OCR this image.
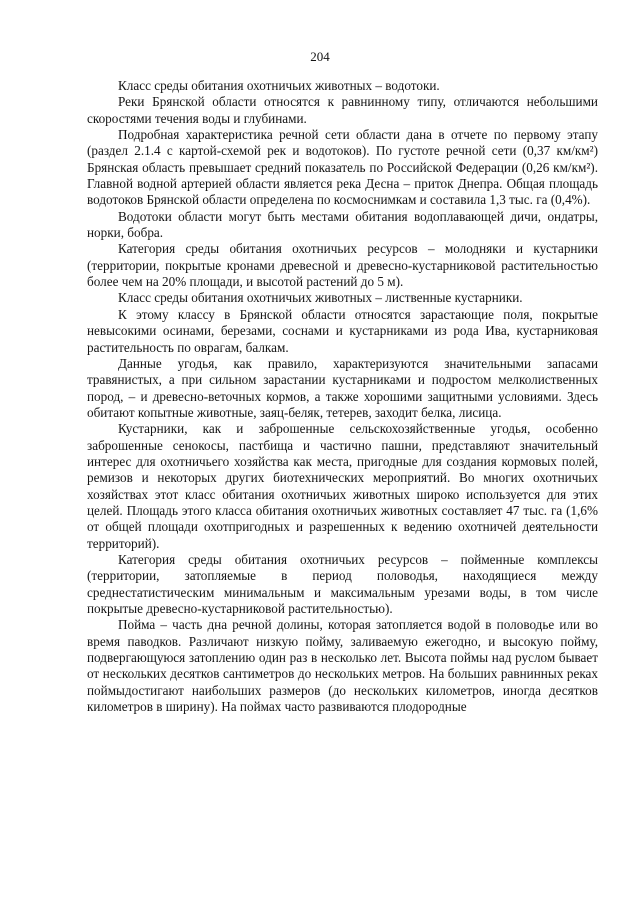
204

Класс среды обитания охотничьих животных – водотоки.

Реки Брянской области относятся к равнинному типу, отличаются небольшими скоростями течения воды и глубинами.

Подробная характеристика речной сети области дана в отчете по первому этапу (раздел 2.1.4 с картой-схемой рек и водотоков). По густоте речной сети (0,37 км/км²) Брянская область превышает средний показатель по Российской Федерации (0,26 км/км²). Главной водной артерией области является река Десна – приток Днепра. Общая площадь водотоков Брянской области определена по космоснимкам и составила 1,3 тыс. га (0,4%).

Водотоки области могут быть местами обитания водоплавающей дичи, ондатры, норки, бобра.

Категория среды обитания охотничьих ресурсов – молодняки и кустарники (территории, покрытые кронами древесной и древесно-кустарниковой растительностью более чем на 20% площади, и высотой растений до 5 м).

Класс среды обитания охотничьих животных – лиственные кустарники.

К этому классу в Брянской области относятся зарастающие поля, покрытые невысокими осинами, березами, соснами и кустарниками из рода Ива, кустарниковая растительность по оврагам, балкам.

Данные угодья, как правило, характеризуются значительными запасами травянистых, а при сильном зарастании кустарниками и подростом мелколиственных пород, – и древесно-веточных кормов, а также хорошими защитными условиями. Здесь обитают копытные животные, заяц-беляк, тетерев, заходит белка, лисица.

Кустарники, как и заброшенные сельскохозяйственные угодья, особенно заброшенные сенокосы, пастбища и частично пашни, представляют значительный интерес для охотничьего хозяйства как места, пригодные для создания кормовых полей, ремизов и некоторых других биотехнических мероприятий. Во многих охотничьих хозяйствах этот класс обитания охотничьих животных широко используется для этих целей. Площадь этого класса обитания охотничьих животных составляет 47 тыс. га (1,6% от общей площади охотпригодных и разрешенных к ведению охотничей деятельности территорий).

Категория среды обитания охотничьих ресурсов – пойменные комплексы (территории, затопляемые в период половодья, находящиеся между среднестатистическим минимальным и максимальным урезами воды, в том числе покрытые древесно-кустарниковой растительностью).

Пойма – часть дна речной долины, которая затопляется водой в половодье или во время паводков. Различают низкую пойму, заливаемую ежегодно, и высокую пойму, подвергающуюся затоплению один раз в несколько лет. Высота поймы над руслом бывает от нескольких десятков сантиметров до нескольких метров. На больших равнинных реках поймыдостигают наибольших размеров (до нескольких километров, иногда десятков километров в ширину). На поймах часто развиваются плодородные
